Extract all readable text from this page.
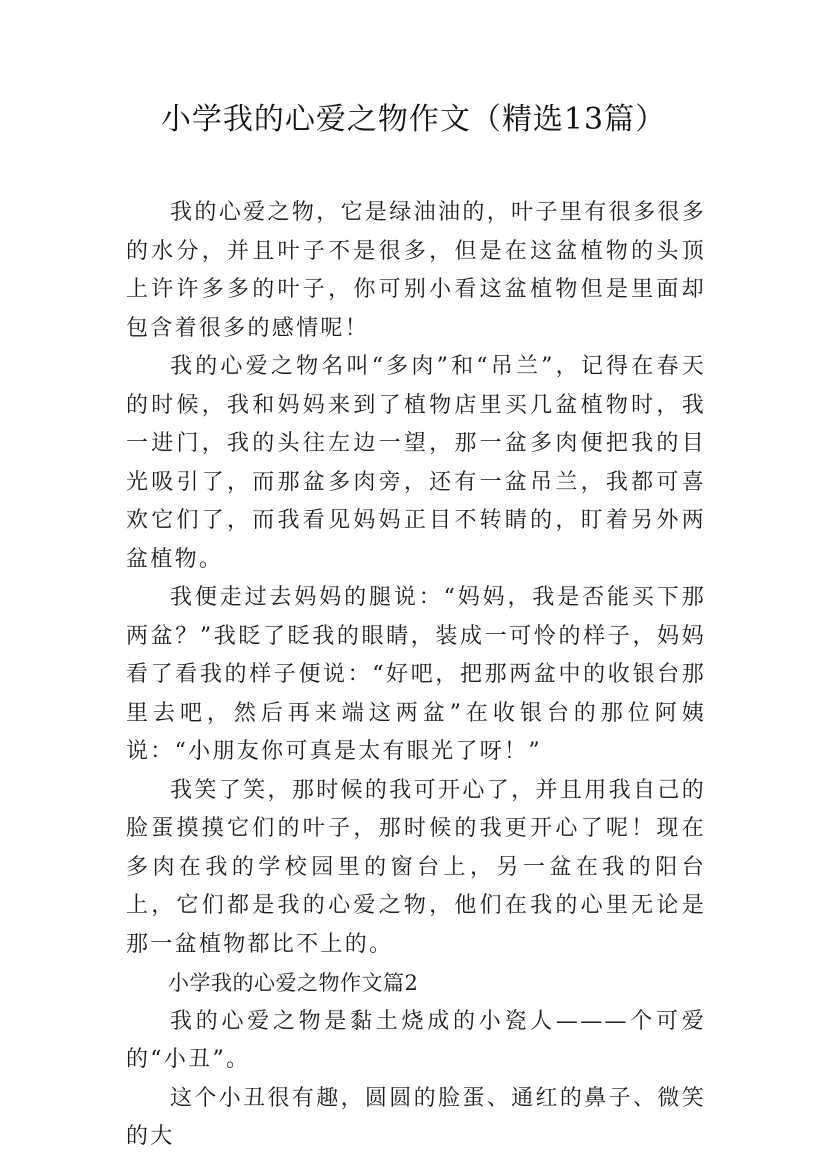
小学我的心爱之物作文（精选13篇）

我的心爱之物，它是绿油油的，叶子里有很多很多的水分，并且叶子不是很多，但是在这盆植物的头顶上许许多多的叶子，你可别小看这盆植物但是里面却包含着很多的感情呢！

我的心爱之物名叫“多肉”和“吊兰”，记得在春天的时候，我和妈妈来到了植物店里买几盆植物时，我一进门，我的头往左边一望，那一盆多肉便把我的目光吸引了，而那盆多肉旁，还有一盆吊兰，我都可喜欢它们了，而我看见妈妈正目不转睛的，盯着另外两盆植物。

我便走过去妈妈的腿说：“妈妈，我是否能买下那两盆？”我眨了眨我的眼睛，装成一可怜的样子，妈妈看了看我的样子便说：“好吧，把那两盆中的收银台那里去吧，然后再来端这两盆”在收银台的那位阿姨说：“小朋友你可真是太有眼光了呀！”

我笑了笑，那时候的我可开心了，并且用我自己的脸蛋摸摸它们的叶子，那时候的我更开心了呢！现在多肉在我的学校园里的窗台上，另一盆在我的阳台上，它们都是我的心爱之物，他们在我的心里无论是那一盆植物都比不上的。

小学我的心爱之物作文篇2

我的心爱之物是黏土烧成的小瓷人———个可爱的“小丑”。

这个小丑很有趣，圆圆的脸蛋、通红的鼻子、微笑的大
